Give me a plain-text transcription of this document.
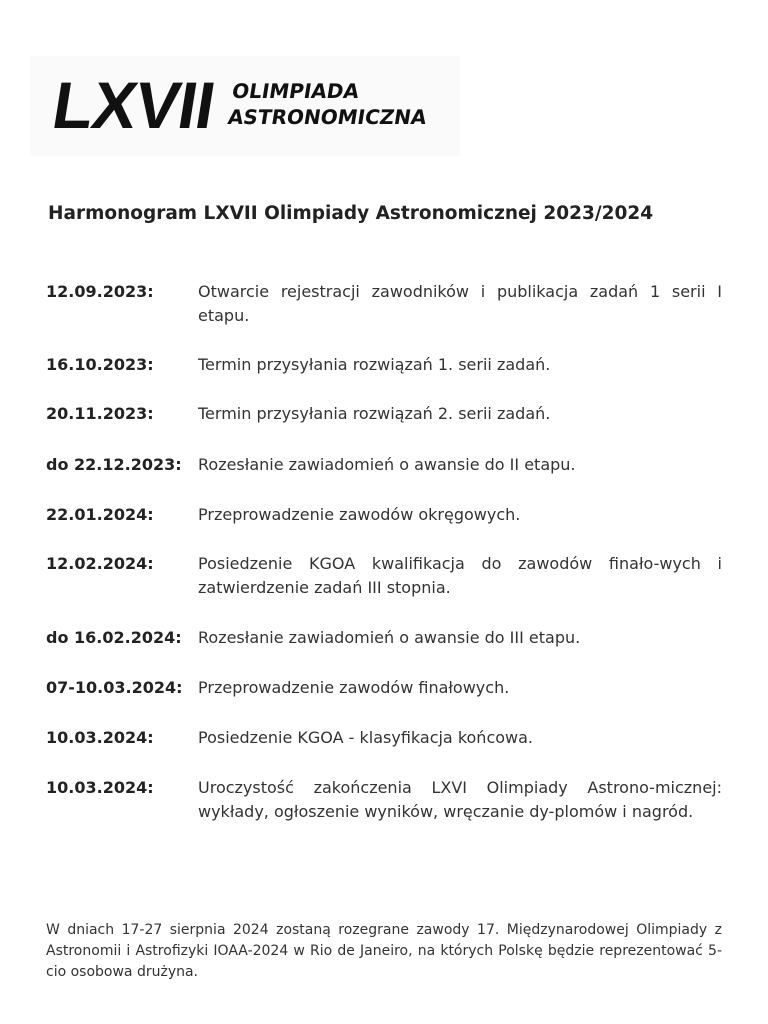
LXVII OLIMPIADA
ASTRONOMICZNA
Harmonogram LXVII Olimpiady Astronomicznej 2023/2024
12.09.2023:	Otwarcie rejestracji zawodników i publikacja zadań 1 serii I etapu.
16.10.2023:	Termin przysyłania rozwiązań 1. serii zadań.
20.11.2023:	Termin przysyłania rozwiązań 2. serii zadań.
do 22.12.2023:	Rozesłanie zawiadomień o awansie do II etapu.
22.01.2024:	Przeprowadzenie zawodów okręgowych.
12.02.2024:	Posiedzenie KGOA kwalifikacja do zawodów finało-wych i zatwierdzenie zadań III stopnia.
do 16.02.2024:	Rozesłanie zawiadomień o awansie do III etapu.
07-10.03.2024: Przeprowadzenie zawodów finałowych.
10.03.2024:	Posiedzenie KGOA - klasyfikacja końcowa.
10.03.2024:	Uroczystość zakończenia LXVI Olimpiady Astrono-micznej: wykłady, ogłoszenie wyników, wręczanie dy-plomów i nagród.
W dniach 17-27 sierpnia 2024 zostaną rozegrane zawody 17. Międzynarodowej Olimpiady z Astronomii i Astrofizyki IOAA-2024 w Rio de Janeiro, na których Polskę będzie reprezentować 5-cio osobowa drużyna.
